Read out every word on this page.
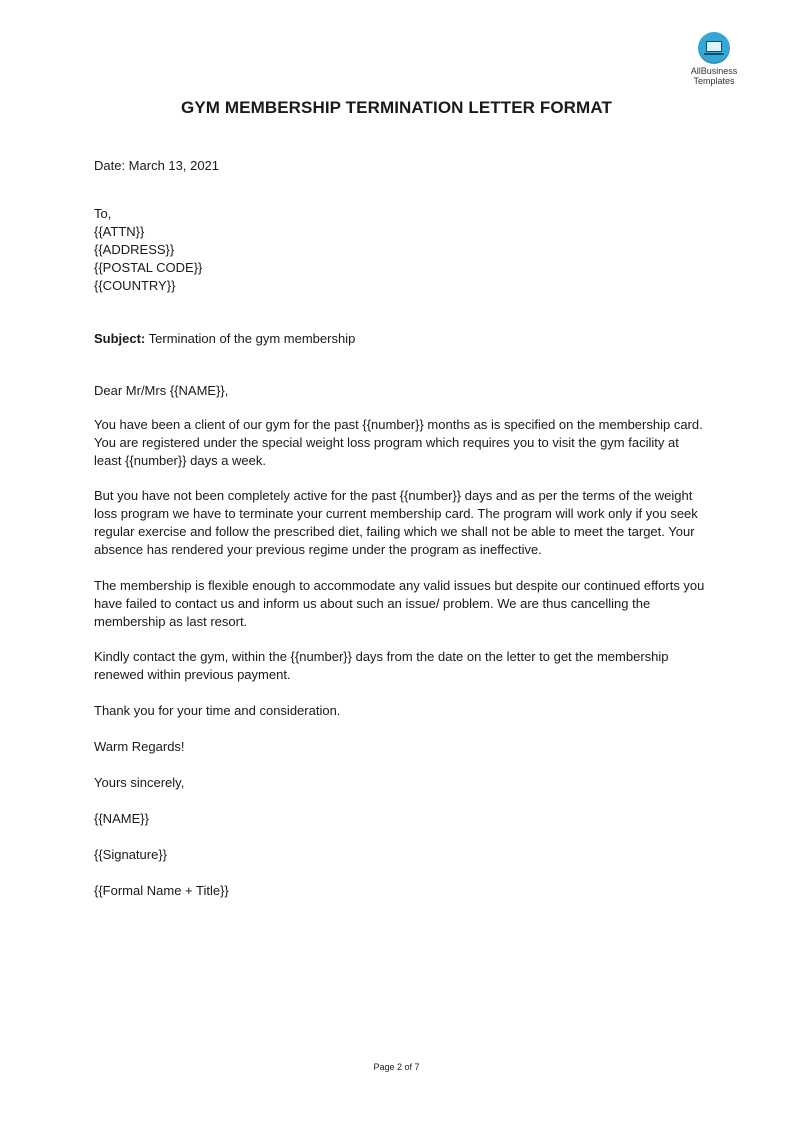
AllBusiness
Templates
GYM MEMBERSHIP TERMINATION LETTER FORMAT
Date: March 13, 2021
To,
{{ATTN}}
{{ADDRESS}}
{{POSTAL CODE}}
{{COUNTRY}}
Subject: Termination of the gym membership
Dear Mr/Mrs {{NAME}},
You have been a client of our gym for the past {{number}} months as is specified on the membership card. You are registered under the special weight loss program which requires you to visit the gym facility at least {{number}} days a week.
But you have not been completely active for the past {{number}} days and as per the terms of the weight loss program we have to terminate your current membership card. The program will work only if you seek regular exercise and follow the prescribed diet, failing which we shall not be able to meet the target. Your absence has rendered your previous regime under the program as ineffective.
The membership is flexible enough to accommodate any valid issues but despite our continued efforts you have failed to contact us and inform us about such an issue/ problem. We are thus cancelling the membership as last resort.
Kindly contact the gym, within the {{number}} days from the date on the letter to get the membership renewed within previous payment.
Thank you for your time and consideration.
Warm Regards!
Yours sincerely,
{{NAME}}
{{Signature}}
{{Formal Name + Title}}
Page 2 of 7
